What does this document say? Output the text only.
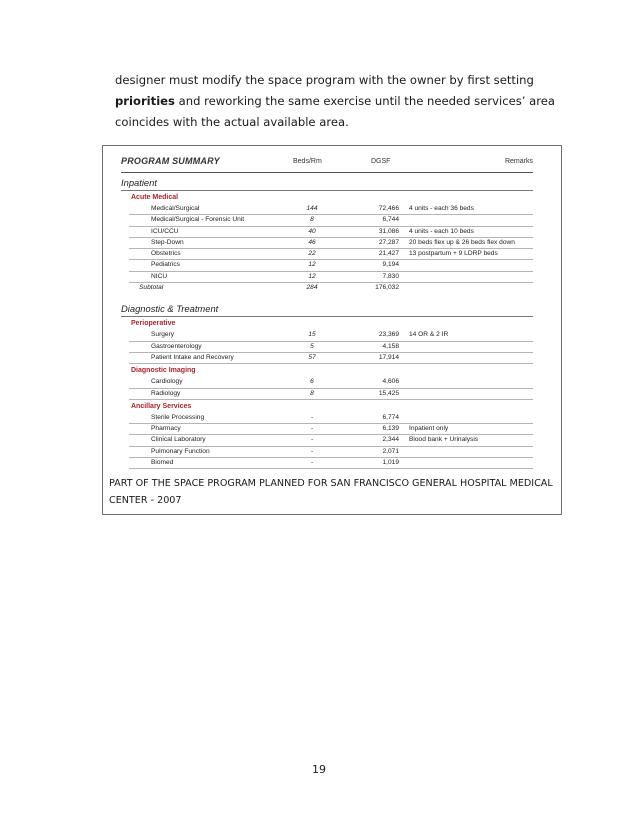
designer must modify the space program with the owner by first setting priorities and reworking the same exercise until the needed services’ area coincides with the actual available area.
PROGRAM SUMMARY	Beds/Rm	DGSF	Remarks
Inpatient
Acute Medical
Medical/Surgical	144	72,466 4 units - each 36 beds
Medical/Surgical - Forensic Unit	8	6,744
ICU/CCU	40	31,086 4 units - each 10 beds
Step-Down	46	27,287 20 beds flex up & 26 beds flex down
Obstetrics	22	21,427 13 postpartum + 9 LDRP beds
Pediatrics	12	9,194
NICU	12	7,830
Subtotal	284	176,032
Diagnostic & Treatment
Perioperative
Surgery	15	23,369 14 OR & 2 IR
Gastroenterology	5	4,158
Patient Intake and Recovery	57	17,914
Diagnostic Imaging
Cardiology	6	4,606
Radiology	8	15,425
Ancillary Services
Sterile Processing	-	6,774
Pharmacy	-	6,139 Inpatient only
Clinical Laboratory	-	2,344 Blood bank + Urinalysis
Pulmonary Function	-	2,071
Biomed	-	1,019
PART OF THE SPACE PROGRAM PLANNED FOR SAN FRANCISCO GENERAL HOSPITAL MEDICAL CENTER - 2007
19
